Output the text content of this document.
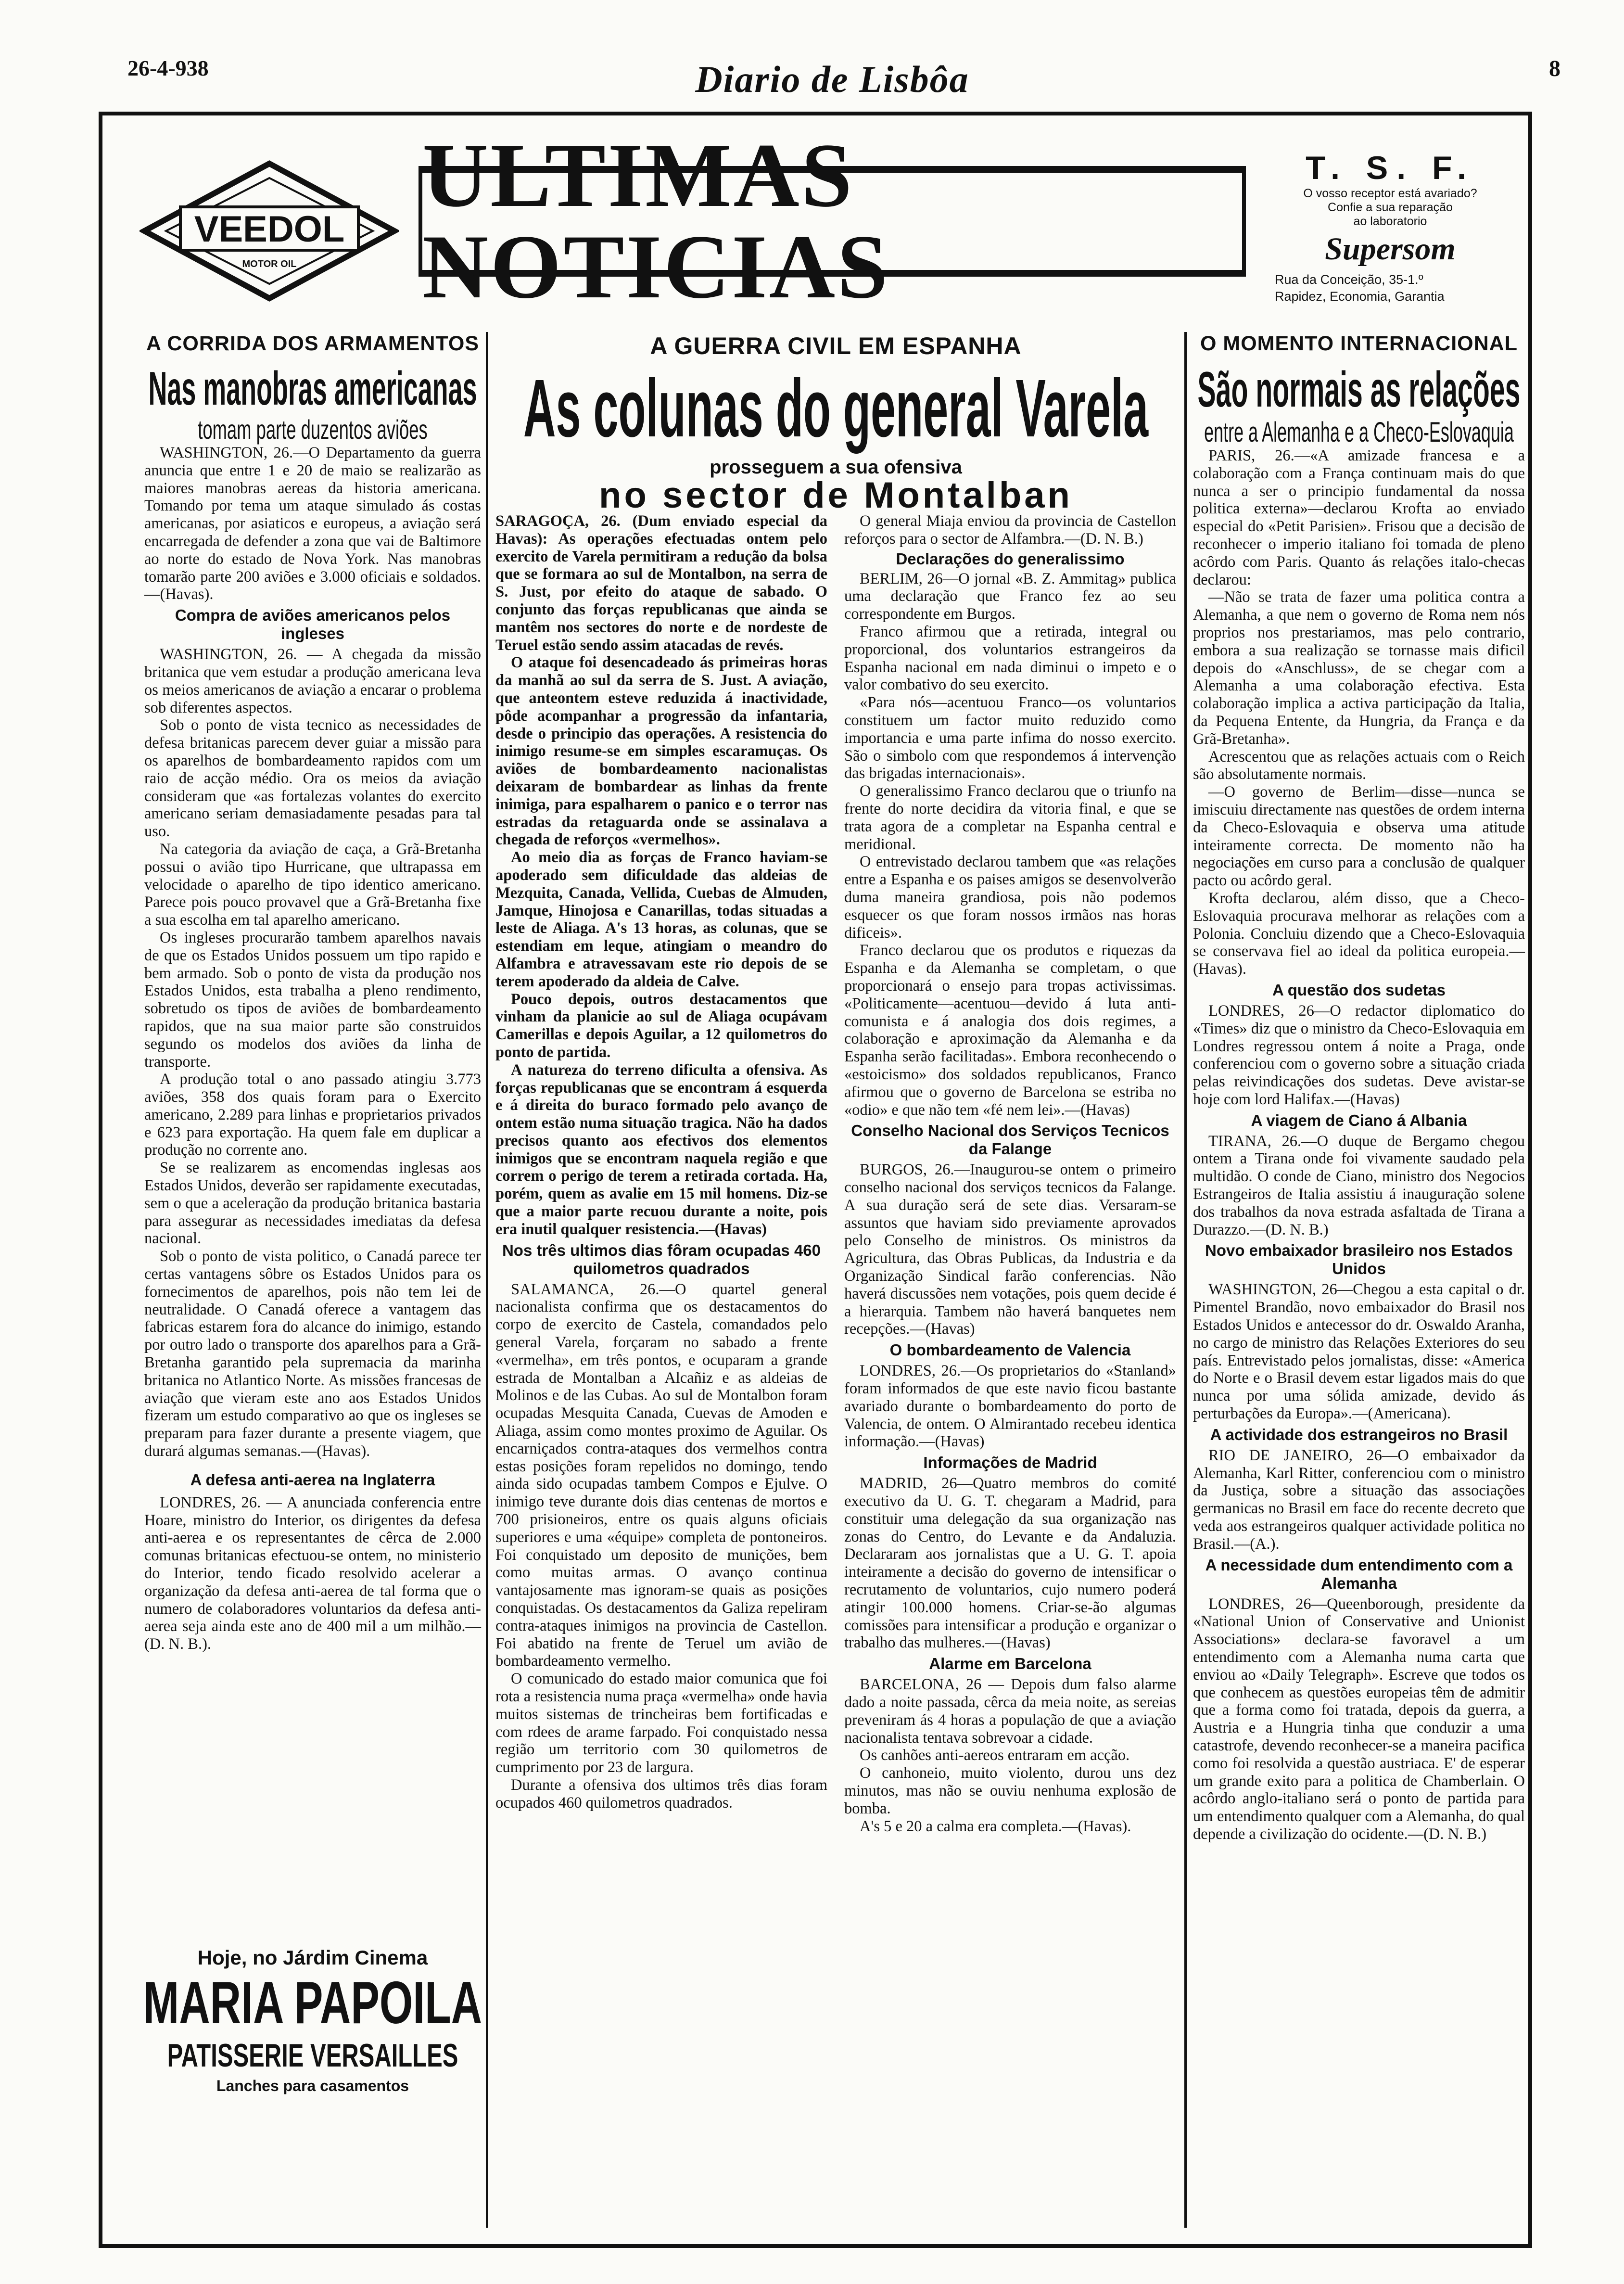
26-4-938	Diario de Lisbôa	8
VEEDOL
MOTOR OIL
ULTIMAS NOTICIAS
T. S. F.
O vosso receptor está avariado?
Confie a sua reparação
ao laboratorio
Supersom
Rua da Conceição, 35-1.º
Rapidez, Economia, Garantia
A CORRIDA DOS ARMAMENTOS
Nas manobras americanas
tomam parte duzentos aviões

WASHINGTON, 26.—O Departamento da guerra anuncia que entre 1 e 20 de maio se realizarão as maiores manobras aereas da historia americana. Tomando por tema um ataque simulado ás costas americanas, por asiaticos e europeus, a aviação será encarregada de defender a zona que vai de Baltimore ao norte do estado de Nova York. Nas manobras tomarão parte 200 aviões e 3.000 oficiais e soldados.—(Havas).

Compra de aviões americanos pelos ingleses

WASHINGTON, 26. — A chegada da missão britanica que vem estudar a produção americana leva os meios americanos de aviação a encarar o problema sob diferentes aspectos.

Sob o ponto de vista tecnico as necessidades de defesa britanicas parecem dever guiar a missão para os aparelhos de bombardeamento rapidos com um raio de acção médio. Ora os meios da aviação consideram que «as fortalezas volantes do exercito americano seriam demasiadamente pesadas para tal uso.

Na categoria da aviação de caça, a Grã-Bretanha possui o avião tipo Hurricane, que ultrapassa em velocidade o aparelho de tipo identico americano. Parece pois pouco provavel que a Grã-Bretanha fixe a sua escolha em tal aparelho americano.

Os ingleses procurarão tambem aparelhos navais de que os Estados Unidos possuem um tipo rapido e bem armado. Sob o ponto de vista da produção nos Estados Unidos, esta trabalha a pleno rendimento, sobretudo os tipos de aviões de bombardeamento rapidos, que na sua maior parte são construidos segundo os modelos dos aviões da linha de transporte.

A produção total o ano passado atingiu 3.773 aviões, 358 dos quais foram para o Exercito americano, 2.289 para linhas e proprietarios privados e 623 para exportação. Ha quem fale em duplicar a produção no corrente ano.

Se se realizarem as encomendas inglesas aos Estados Unidos, deverão ser rapidamente executadas, sem o que a aceleração da produção britanica bastaria para assegurar as necessidades imediatas da defesa nacional.

Sob o ponto de vista politico, o Canadá parece ter certas vantagens sôbre os Estados Unidos para os fornecimentos de aparelhos, pois não tem lei de neutralidade. O Canadá oferece a vantagem das fabricas estarem fora do alcance do inimigo, estando por outro lado o transporte dos aparelhos para a Grã-Bretanha garantido pela supremacia da marinha britanica no Atlantico Norte. As missões francesas de aviação que vieram este ano aos Estados Unidos fizeram um estudo comparativo ao que os ingleses se preparam para fazer durante a presente viagem, que durará algumas semanas.—(Havas).

A defesa anti-aerea na Inglaterra

LONDRES, 26. — A anunciada conferencia entre Hoare, ministro do Interior, os dirigentes da defesa anti-aerea e os representantes de cêrca de 2.000 comunas britanicas efectuou-se ontem, no ministerio do Interior, tendo ficado resolvido acelerar a organização da defesa anti-aerea de tal forma que o numero de colaboradores voluntarios da defesa anti-aerea seja ainda este ano de 400 mil a um milhão.—(D. N. B.).

Hoje, no Járdim Cinema
MARIA PAPOILA
PATISSERIE VERSAILLES
Lanches para casamentos
A GUERRA CIVIL EM ESPANHA
As colunas do general Varela
prosseguem a sua ofensiva
no sector de Montalban

SARAGOÇA, 26. (Dum enviado especial da Havas): As operações efectuadas ontem pelo exercito de Varela permitiram a redução da bolsa que se formara ao sul de Montalbon, na serra de S. Just, por efeito do ataque de sabado. O conjunto das forças republicanas que ainda se mantêm nos sectores do norte e de nordeste de Teruel estão sendo assim atacadas de revés.

O ataque foi desencadeado ás primeiras horas da manhã ao sul da serra de S. Just. A aviação, que anteontem esteve reduzida á inactividade, pôde acompanhar a progressão da infantaria, desde o principio das operações. A resistencia do inimigo resume-se em simples escaramuças. Os aviões de bombardeamento nacionalistas deixaram de bombardear as linhas da frente inimiga, para espalharem o panico e o terror nas estradas da retaguarda onde se assinalava a chegada de reforços «vermelhos».

Ao meio dia as forças de Franco haviam-se apoderado sem dificuldade das aldeias de Mezquita, Canada, Vellida, Cuebas de Almuden, Jamque, Hinojosa e Canarillas, todas situadas a leste de Aliaga. A's 13 horas, as colunas, que se estendiam em leque, atingiam o meandro do Alfambra e atravessavam este rio depois de se terem apoderado da aldeia de Calve.

Pouco depois, outros destacamentos que vinham da planicie ao sul de Aliaga ocupávam Camerillas e depois Aguilar, a 12 quilometros do ponto de partida.

A natureza do terreno dificulta a ofensiva. As forças republicanas que se encontram á esquerda e á direita do buraco formado pelo avanço de ontem estão numa situação tragica. Não ha dados precisos quanto aos efectivos dos elementos inimigos que se encontram naquela região e que correm o perigo de terem a retirada cortada. Ha, porém, quem as avalie em 15 mil homens. Diz-se que a maior parte recuou durante a noite, pois era inutil qualquer resistencia.—(Havas)

Nos três ultimos dias fôram ocupadas 460 quilometros quadrados

SALAMANCA, 26.—O quartel general nacionalista confirma que os destacamentos do corpo de exercito de Castela, comandados pelo general Varela, forçaram no sabado a frente «vermelha», em três pontos, e ocuparam a grande estrada de Montalban a Alcañiz e as aldeias de Molinos e de las Cubas. Ao sul de Montalbon foram ocupadas Mesquita Canada, Cuevas de Amoden e Aliaga, assim como montes proximo de Aguilar. Os encarniçados contra-ataques dos vermelhos contra estas posições foram repelidos no domingo, tendo ainda sido ocupadas tambem Compos e Ejulve. O inimigo teve durante dois dias centenas de mortos e 700 prisioneiros, entre os quais alguns oficiais superiores e uma «équipe» completa de pontoneiros. Foi conquistado um deposito de munições, bem como muitas armas. O avanço continua vantajosamente mas ignoram-se quais as posições conquistadas. Os destacamentos da Galiza repeliram contra-ataques inimigos na provincia de Castellon. Foi abatido na frente de Teruel um avião de bombardeamento vermelho.

O comunicado do estado maior comunica que foi rota a resistencia numa praça «vermelha» onde havia muitos sistemas de trincheiras bem fortificadas e com rdees de arame farpado. Foi conquistado nessa região um territorio com 30 quilometros de cumprimento por 23 de largura.

Durante a ofensiva dos ultimos três dias foram ocupados 460 quilometros quadrados.

O general Miaja enviou da provincia de Castellon reforços para o sector de Alfambra.—(D. N. B.)

Declarações do generalissimo

BERLIM, 26—O jornal «B. Z. Ammitag» publica uma declaração que Franco fez ao seu correspondente em Burgos.

Franco afirmou que a retirada, integral ou proporcional, dos voluntarios estrangeiros da Espanha nacional em nada diminui o impeto e o valor combativo do seu exercito.

«Para nós—acentuou Franco—os voluntarios constituem um factor muito reduzido como importancia e uma parte infima do nosso exercito. São o simbolo com que respondemos á intervenção das brigadas internacionais».

O generalissimo Franco declarou que o triunfo na frente do norte decidira da vitoria final, e que se trata agora de a completar na Espanha central e meridional.

O entrevistado declarou tambem que «as relações entre a Espanha e os paises amigos se desenvolverão duma maneira grandiosa, pois não podemos esquecer os que foram nossos irmãos nas horas dificeis».

Franco declarou que os produtos e riquezas da Espanha e da Alemanha se completam, o que proporcionará o ensejo para tropas activissimas. «Politicamente—acentuou—devido á luta anti-comunista e á analogia dos dois regimes, a colaboração e aproximação da Alemanha e da Espanha serão facilitadas». Embora reconhecendo o «estoicismo» dos soldados republicanos, Franco afirmou que o governo de Barcelona se estriba no «odio» e que não tem «fé nem lei».—(Havas)

Conselho Nacional dos Serviços Tecnicos da Falange

BURGOS, 26.—Inaugurou-se ontem o primeiro conselho nacional dos serviços tecnicos da Falange. A sua duração será de sete dias. Versaram-se assuntos que haviam sido previamente aprovados pelo Conselho de ministros. Os ministros da Agricultura, das Obras Publicas, da Industria e da Organização Sindical farão conferencias. Não haverá discussões nem votações, pois quem decide é a hierarquia. Tambem não haverá banquetes nem recepções.—(Havas)

O bombardeamento de Valencia

LONDRES, 26.—Os proprietarios do «Stanland» foram informados de que este navio ficou bastante avariado durante o bombardeamento do porto de Valencia, de ontem. O Almirantado recebeu identica informação.—(Havas)

Informações de Madrid

MADRID, 26—Quatro membros do comité executivo da U. G. T. chegaram a Madrid, para constituir uma delegação da sua organização nas zonas do Centro, do Levante e da Andaluzia. Declararam aos jornalistas que a U. G. T. apoia inteiramente a decisão do governo de intensificar o recrutamento de voluntarios, cujo numero poderá atingir 100.000 homens. Criar-se-ão algumas comissões para intensificar a produção e organizar o trabalho das mulheres.—(Havas)

Alarme em Barcelona

BARCELONA, 26 — Depois dum falso alarme dado a noite passada, cêrca da meia noite, as sereias preveniram ás 4 horas a população de que a aviação nacionalista tentava sobrevoar a cidade.

Os canhões anti-aereos entraram em acção.

O canhoneio, muito violento, durou uns dez minutos, mas não se ouviu nenhuma explosão de bomba.

A's 5 e 20 a calma era completa.—(Havas).

O MOMENTO INTERNACIONAL
São normais as relações
entre a Alemanha e a Checo-Eslovaquia

PARIS, 26.—«A amizade francesa e a colaboração com a França continuam mais do que nunca a ser o principio fundamental da nossa politica externa»—declarou Krofta ao enviado especial do «Petit Parisien». Frisou que a decisão de reconhecer o imperio italiano foi tomada de pleno acôrdo com Paris. Quanto ás relações italo-checas declarou:

—Não se trata de fazer uma politica contra a Alemanha, a que nem o governo de Roma nem nós proprios nos prestariamos, mas pelo contrario, embora a sua realização se tornasse mais dificil depois do «Anschluss», de se chegar com a Alemanha a uma colaboração efectiva. Esta colaboração implica a activa participação da Italia, da Pequena Entente, da Hungria, da França e da Grã-Bretanha».

Acrescentou que as relações actuais com o Reich são absolutamente normais.

—O governo de Berlim—disse—nunca se imiscuiu directamente nas questões de ordem interna da Checo-Eslovaquia e observa uma atitude inteiramente correcta. De momento não ha negociações em curso para a conclusão de qualquer pacto ou acôrdo geral.

Krofta declarou, além disso, que a Checo-Eslovaquia procurava melhorar as relações com a Polonia. Concluiu dizendo que a Checo-Eslovaquia se conservava fiel ao ideal da politica europeia.—(Havas).

A questão dos sudetas

LONDRES, 26—O redactor diplomatico do «Times» diz que o ministro da Checo-Eslovaquia em Londres regressou ontem á noite a Praga, onde conferenciou com o governo sobre a situação criada pelas reivindicações dos sudetas. Deve avistar-se hoje com lord Halifax.—(Havas)

A viagem de Ciano á Albania

TIRANA, 26.—O duque de Bergamo chegou ontem a Tirana onde foi vivamente saudado pela multidão. O conde de Ciano, ministro dos Negocios Estrangeiros de Italia assistiu á inauguração solene dos trabalhos da nova estrada asfaltada de Tirana a Durazzo.—(D. N. B.)

Novo embaixador brasileiro nos Estados Unidos

WASHINGTON, 26—Chegou a esta capital o dr. Pimentel Brandão, novo embaixador do Brasil nos Estados Unidos e antecessor do dr. Oswaldo Aranha, no cargo de ministro das Relações Exteriores do seu país. Entrevistado pelos jornalistas, disse: «America do Norte e o Brasil devem estar ligados mais do que nunca por uma sólida amizade, devido ás perturbações da Europa».—(Americana).

A actividade dos estrangeiros no Brasil

RIO DE JANEIRO, 26—O embaixador da Alemanha, Karl Ritter, conferenciou com o ministro da Justiça, sobre a situação das associações germanicas no Brasil em face do recente decreto que veda aos estrangeiros qualquer actividade politica no Brasil.—(A.).

A necessidade dum entendimento com a Alemanha

LONDRES, 26—Queenborough, presidente da «National Union of Conservative and Unionist Associations» declara-se favoravel a um entendimento com a Alemanha numa carta que enviou ao «Daily Telegraph». Escreve que todos os que conhecem as questões europeias têm de admitir que a forma como foi tratada, depois da guerra, a Austria e a Hungria tinha que conduzir a uma catastrofe, devendo reconhecer-se a maneira pacifica como foi resolvida a questão austriaca. E' de esperar um grande exito para a politica de Chamberlain. O acôrdo anglo-italiano será o ponto de partida para um entendimento qualquer com a Alemanha, do qual depende a civilização do ocidente.—(D. N. B.)
